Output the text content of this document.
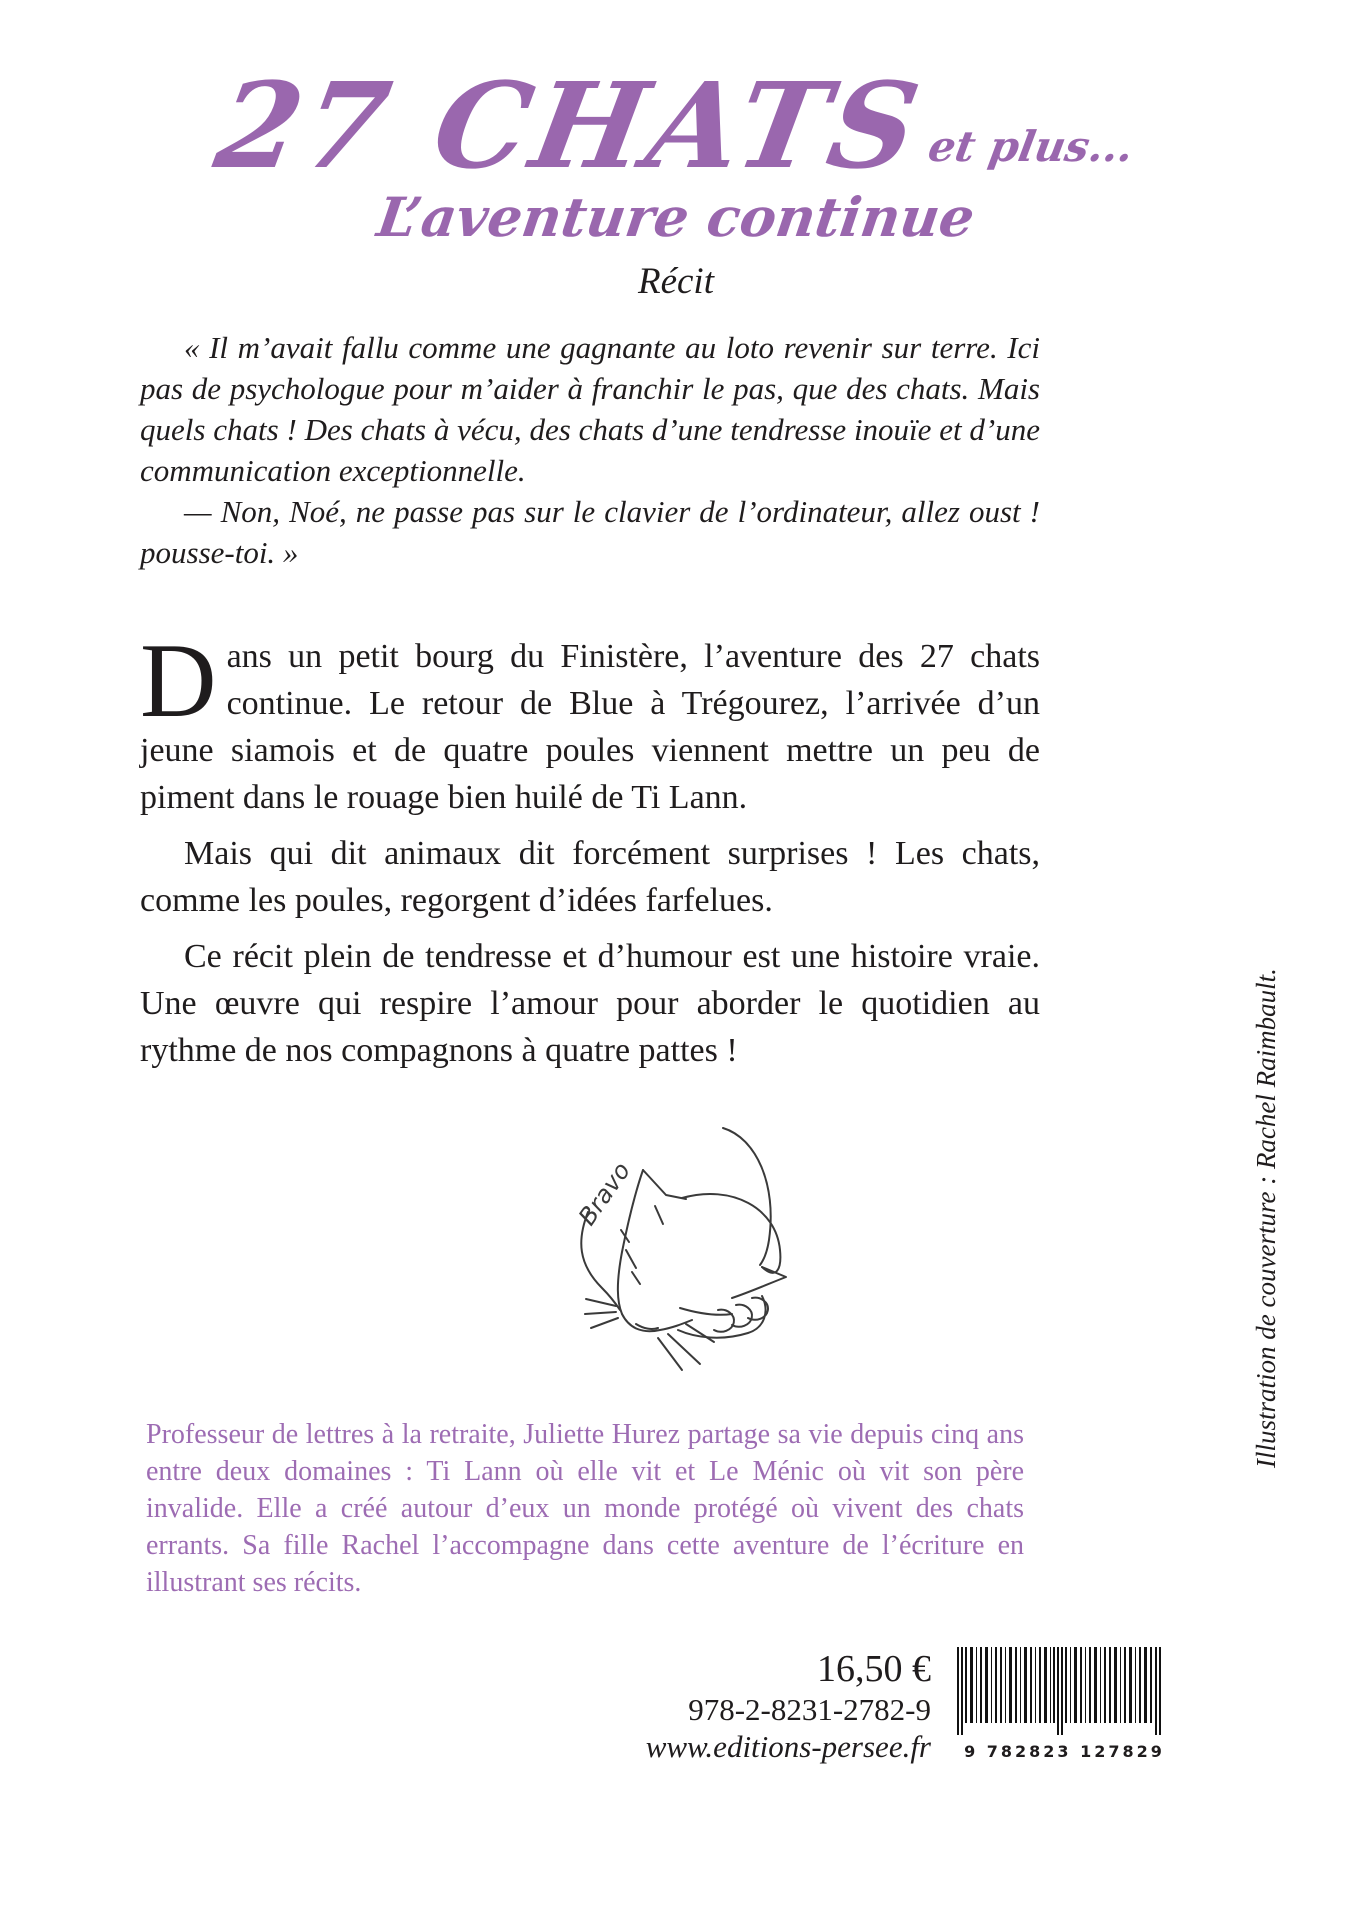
27 CHATSet plus...
L’aventure continue
Récit

« Il m’avait fallu comme une gagnante au loto revenir sur terre. Ici pas de psychologue pour m’aider à franchir le pas, que des chats. Mais quels chats ! Des chats à vécu, des chats d’une tendresse inouïe et d’une communication exceptionnelle.

— Non, Noé, ne passe pas sur le clavier de l’ordinateur, allez oust ! pousse-toi. »

Dans un petit bourg du Finistère, l’aventure des 27 chats continue. Le retour de Blue à Trégourez, l’arrivée d’un jeune siamois et de quatre poules viennent mettre un peu de piment dans le rouage bien huilé de Ti Lann.

Mais qui dit animaux dit forcément surprises ! Les chats, comme les poules, regorgent d’idées farfelues.

Ce récit plein de tendresse et d’humour est une histoire vraie. Une œuvre qui respire l’amour pour aborder le quotidien au rythme de nos compagnons à quatre pattes !

Bravo
Professeur de lettres à la retraite, Juliette Hurez partage sa vie depuis cinq ans entre deux domaines : Ti Lann où elle vit et Le Ménic où vit son père invalide. Elle a créé autour d’eux un monde protégé où vivent des chats errants. Sa fille Rachel l’accompagne dans cette aventure de l’écriture en illustrant ses récits.
16,50 €
978-2-8231-2782-9
www.editions-persee.fr	9 782823 127829
Illustration de couverture : Rachel Raimbault.
